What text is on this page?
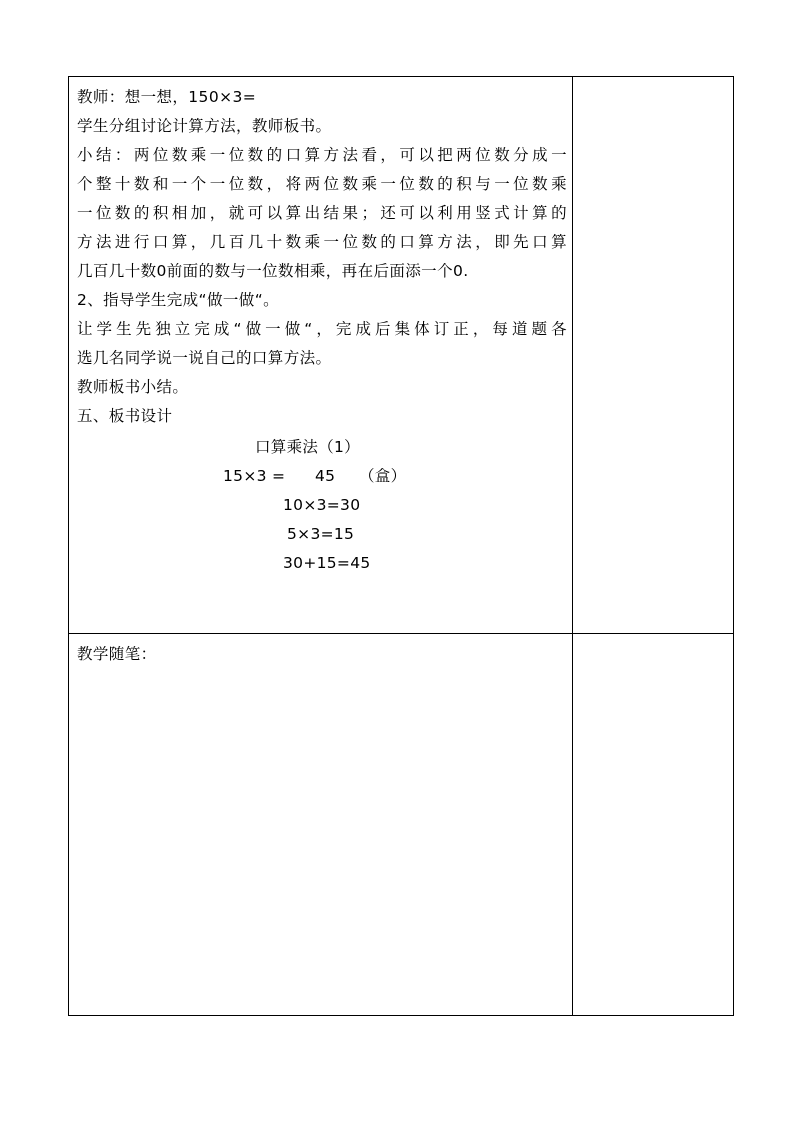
教师：想一想，150×3=
学生分组讨论计算方法，教师板书。
小结：两位数乘一位数的口算方法看，可以把两位数分成一
个整十数和一个一位数，将两位数乘一位数的积与一位数乘
一位数的积相加，就可以算出结果；还可以利用竖式计算的
方法进行口算，几百几十数乘一位数的口算方法，即先口算
几百几十数0前面的数与一位数相乘，再在后面添一个0.
2、指导学生完成“做一做“。
让学生先独立完成“做一做“，完成后集体订正，每道题各
选几名同学说一说自己的口算方法。
教师板书小结。
五、板书设计
口算乘法（1）
15×3 = 45 （盒）
10×3=30
5×3=15
30+15=45
教学随笔：
